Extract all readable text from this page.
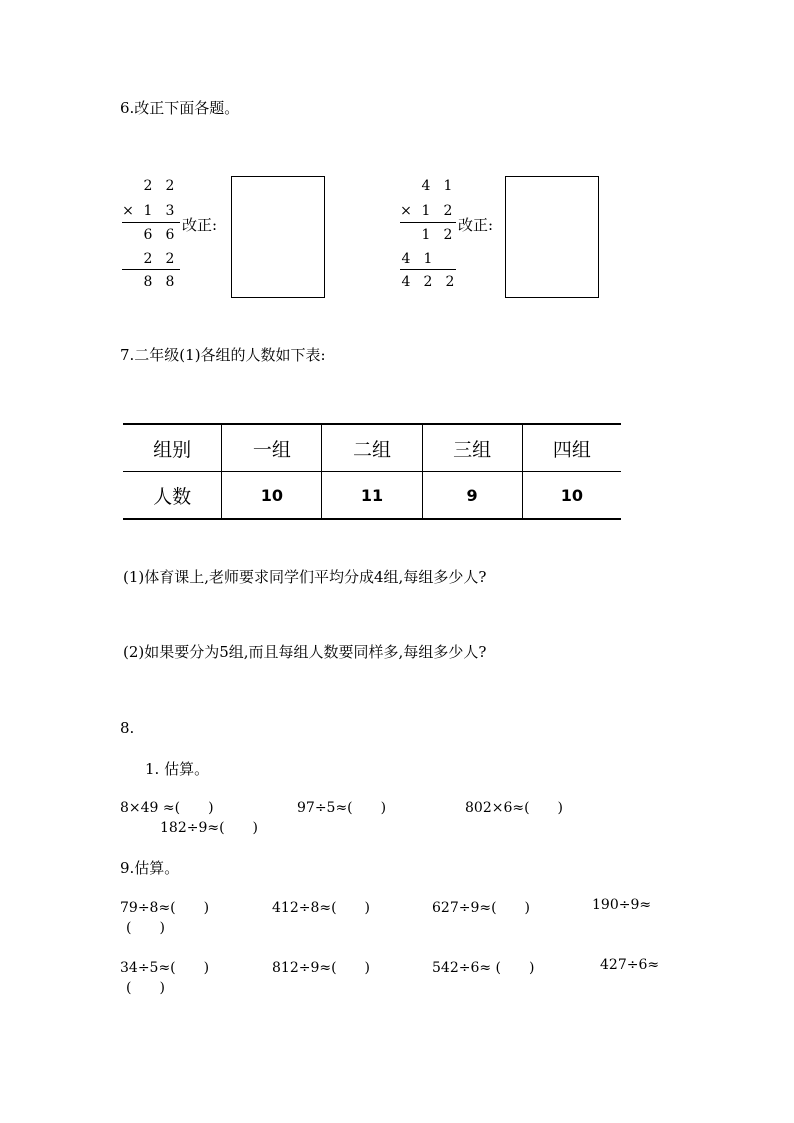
6.改正下面各题。
2 2
× 1 3
6 6
2 2
8 8
改正:
4 1
× 1 2
1 2
4 1
4 2 2
改正:
7.二年级(1)各组的人数如下表:
组别	一组	二组	三组	四组
人数	10	11	9	10
(1)体育课上,老师要求同学们平均分成4组,每组多少人?
(2)如果要分为5组,而且每组人数要同样多,每组多少人?
8.
1. 估算。
8×49 ≈(　　)	97÷5≈(　　)	802×6≈(　　)
182÷9≈(　　)
9.估算。
79÷8≈(　　)	412÷8≈(　　)	627÷9≈(　　)	190÷9≈
(　　)
34÷5≈(　　)	812÷9≈(　　)	542÷6≈ (　　)	427÷6≈
(　　)
